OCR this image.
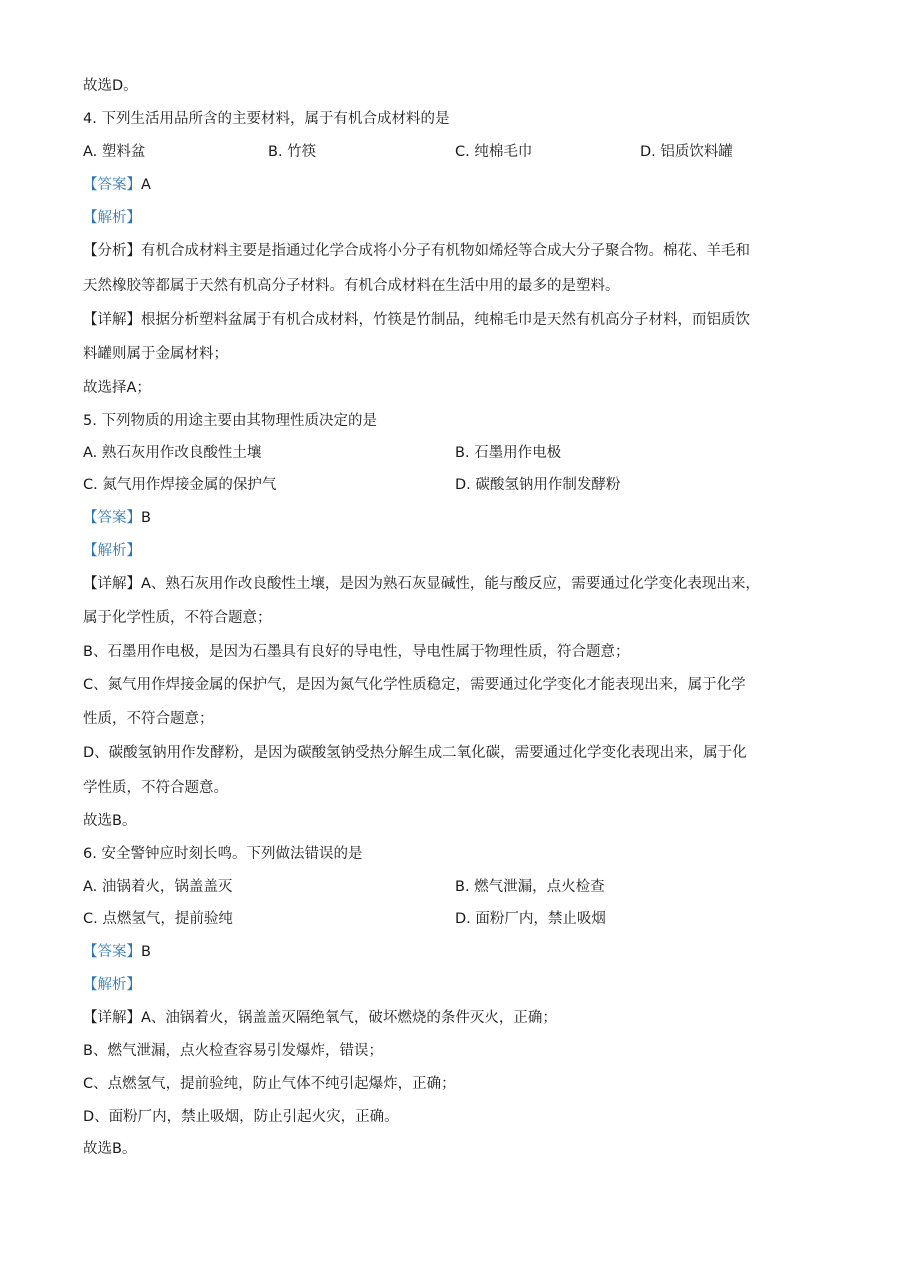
故选D。
4. 下列生活用品所含的主要材料，属于有机合成材料的是
A. 塑料盆	B. 竹筷	C. 纯棉毛巾	D. 铝质饮料罐
【答案】A
【解析】
【分析】有机合成材料主要是指通过化学合成将小分子有机物如烯烃等合成大分子聚合物。棉花、羊毛和
天然橡胶等都属于天然有机高分子材料。有机合成材料在生活中用的最多的是塑料。
【详解】根据分析塑料盆属于有机合成材料，竹筷是竹制品，纯棉毛巾是天然有机高分子材料，而铝质饮
料罐则属于金属材料；
故选择A；
5. 下列物质的用途主要由其物理性质决定的是
A. 熟石灰用作改良酸性土壤	B. 石墨用作电极
C. 氮气用作焊接金属的保护气	D. 碳酸氢钠用作制发酵粉
【答案】B
【解析】
【详解】A、熟石灰用作改良酸性土壤，是因为熟石灰显碱性，能与酸反应，需要通过化学变化表现出来，
属于化学性质，不符合题意；
B、石墨用作电极，是因为石墨具有良好的导电性，导电性属于物理性质，符合题意；
C、氮气用作焊接金属的保护气，是因为氮气化学性质稳定，需要通过化学变化才能表现出来，属于化学
性质，不符合题意；
D、碳酸氢钠用作发酵粉，是因为碳酸氢钠受热分解生成二氧化碳，需要通过化学变化表现出来，属于化
学性质，不符合题意。
故选B。
6. 安全警钟应时刻长鸣。下列做法错误的是
A. 油锅着火，锅盖盖灭	B. 燃气泄漏，点火检查
C. 点燃氢气，提前验纯	D. 面粉厂内，禁止吸烟
【答案】B
【解析】
【详解】A、油锅着火，锅盖盖灭隔绝氧气，破坏燃烧的条件灭火，正确；
B、燃气泄漏，点火检查容易引发爆炸，错误；
C、点燃氢气，提前验纯，防止气体不纯引起爆炸，正确；
D、面粉厂内，禁止吸烟，防止引起火灾，正确。
故选B。
